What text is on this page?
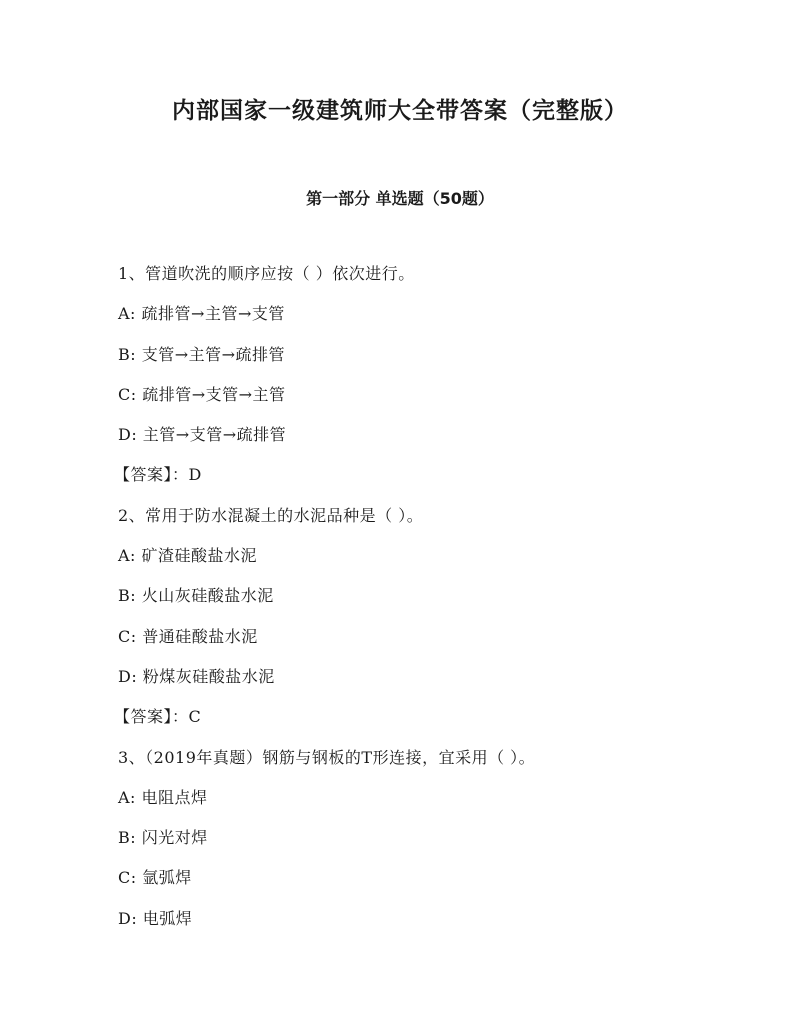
内部国家一级建筑师大全带答案（完整版）
第一部分 单选题（50题）
1、管道吹洗的顺序应按（ ）依次进行。
A: 疏排管→主管→支管
B: 支管→主管→疏排管
C: 疏排管→支管→主管
D: 主管→支管→疏排管
【答案】：D
2、常用于防水混凝土的水泥品种是（ ）。
A: 矿渣硅酸盐水泥
B: 火山灰硅酸盐水泥
C: 普通硅酸盐水泥
D: 粉煤灰硅酸盐水泥
【答案】：C
3、（2019年真题）钢筋与钢板的T形连接，宜采用（ ）。
A: 电阻点焊
B: 闪光对焊
C: 氩弧焊
D: 电弧焊
